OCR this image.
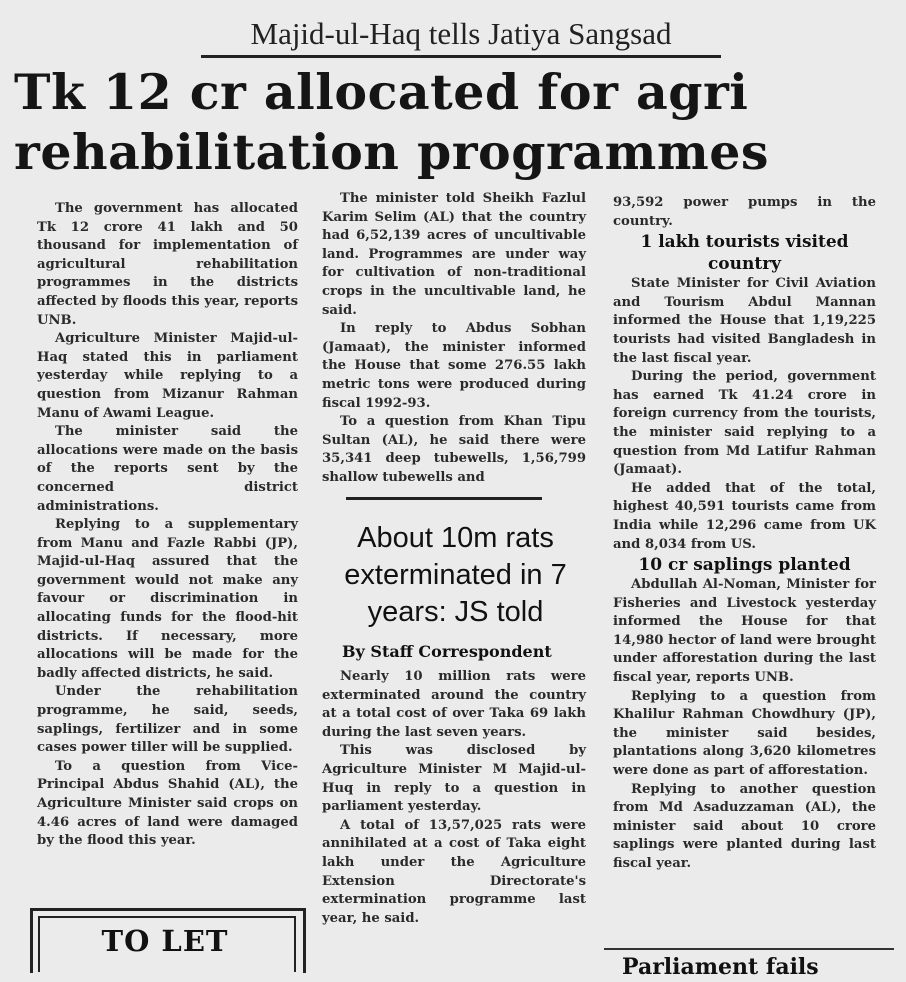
Majid-ul-Haq tells Jatiya Sangsad
Tk 12 cr allocated for agri
rehabilitation programmes

The government has allocated Tk 12 crore 41 lakh and 50 thousand for implementation of agricultural rehabilitation programmes in the districts affected by floods this year, reports UNB.

Agriculture Minister Majid-ul-Haq stated this in parliament yesterday while replying to a question from Mizanur Rahman Manu of Awami League.

The minister said the allocations were made on the basis of the reports sent by the concerned district administrations.

Replying to a supplementary from Manu and Fazle Rabbi (JP), Majid-ul-Haq assured that the government would not make any favour or discrimination in allocating funds for the flood-hit districts. If necessary, more allocations will be made for the badly affected districts, he said.

Under the rehabilitation programme, he said, seeds, saplings, fertilizer and in some cases power tiller will be supplied.

To a question from Vice-Principal Abdus Shahid (AL), the Agriculture Minister said crops on 4.46 acres of land were damaged by the flood this year.

The minister told Sheikh Fazlul Karim Selim (AL) that the country had 6,52,139 acres of uncultivable land. Programmes are under way for cultivation of non-traditional crops in the uncultivable land, he said.

In reply to Abdus Sobhan (Jamaat), the minister informed the House that some 276.55 lakh metric tons were produced during fiscal 1992-93.

To a question from Khan Tipu Sultan (AL), he said there were 35,341 deep tubewells, 1,56,799 shallow tubewells and

About 10m rats exterminated in 7 years: JS told
By Staff Correspondent

Nearly 10 million rats were exterminated around the country at a total cost of over Taka 69 lakh during the last seven years.

This was disclosed by Agriculture Minister M Majid-ul-Huq in reply to a question in parliament yesterday.

A total of 13,57,025 rats were annihilated at a cost of Taka eight lakh under the Agriculture Extension Directorate's extermination programme last year, he said.

93,592 power pumps in the country.

1 lakh tourists visited country

State Minister for Civil Aviation and Tourism Abdul Mannan informed the House that 1,19,225 tourists had visited Bangladesh in the last fiscal year.

During the period, government has earned Tk 41.24 crore in foreign currency from the tourists, the minister said replying to a question from Md Latifur Rahman (Jamaat).

He added that of the total, highest 40,591 tourists came from India while 12,296 came from UK and 8,034 from US.

10 cr saplings planted

Abdullah Al-Noman, Minister for Fisheries and Livestock yesterday informed the House for that 14,980 hector of land were brought under afforestation during the last fiscal year, reports UNB.

Replying to a question from Khalilur Rahman Chowdhury (JP), the minister said besides, plantations along 3,620 kilometres were done as part of afforestation.

Replying to another question from Md Asaduzzaman (AL), the minister said about 10 crore saplings were planted during last fiscal year.

TO LET
Parliament fails
